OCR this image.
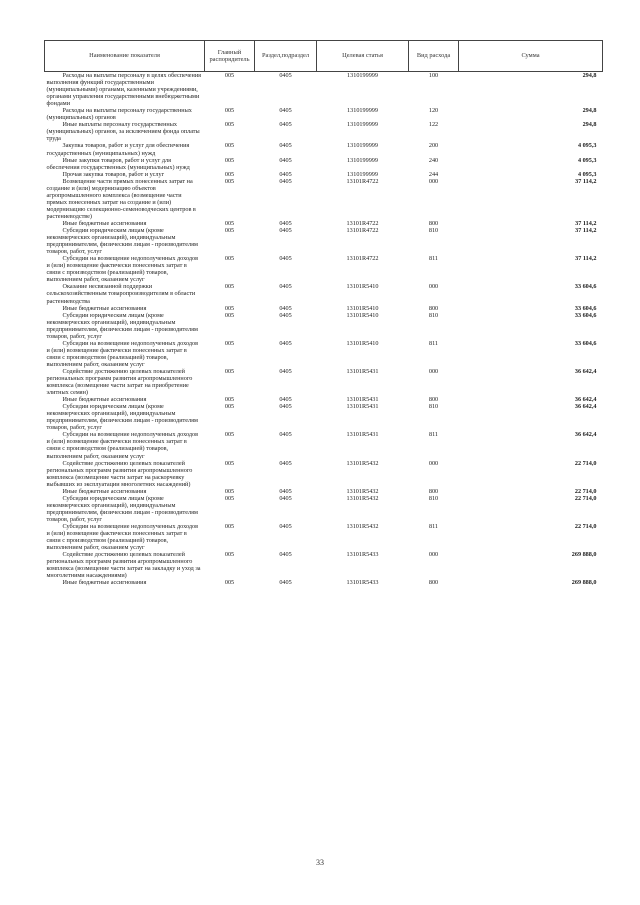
Наименование показателя	Главный распорядитель	Раздел,подраздел	Целевая статья	Вид расхода	Сумма

Расходы на выплаты персоналу в целях обеспечения выполнения функций государственными (муниципальными) органами, казенными учреждениями, органами управления государственными внебюджетными фондами	005	0405	1310199999	100	294,8

Расходы на выплаты персоналу государственных (муниципальных) органов	005	0405	1310199999	120	294,8

Иные выплаты персоналу государственных (муниципальных) органов, за исключением фонда оплаты труда	005	0405	1310199999	122	294,8

Закупка товаров, работ и услуг для обеспечения государственных (муниципальных) нужд	005	0405	1310199999	200	4 095,3

Иные закупки товаров, работ и услуг для обеспечения государственных (муниципальных) нужд	005	0405	1310199999	240	4 095,3

Прочая закупка товаров, работ и услуг	005	0405	1310199999	244	4 095,3

Возмещение части прямых понесенных затрат на создание и (или) модернизацию объектов агропромышленного комплекса (возмещение части прямых понесенных затрат на создание и (или) модернизацию селекционно-семеноводческих центров в растениеводстве)	005	0405	13101R4722	000	37 114,2

Иные бюджетные ассигнования	005	0405	13101R4722	800	37 114,2

Субсидии юридическим лицам (кроме некоммерческих организаций), индивидуальным предпринимателям, физическим лицам - производителям товаров, работ, услуг	005	0405	13101R4722	810	37 114,2

Субсидии на возмещение недополученных доходов и (или) возмещение фактически понесенных затрат в связи с производством (реализацией) товаров, выполнением работ, оказанием услуг	005	0405	13101R4722	811	37 114,2

Оказание несвязанной поддержки сельскохозяйственным товаропроизводителям в области растениеводства	005	0405	13101R5410	000	33 604,6

Иные бюджетные ассигнования	005	0405	13101R5410	800	33 604,6

Субсидии юридическим лицам (кроме некоммерческих организаций), индивидуальным предпринимателям, физическим лицам - производителям товаров, работ, услуг	005	0405	13101R5410	810	33 604,6

Субсидии на возмещение недополученных доходов и (или) возмещение фактически понесенных затрат в связи с производством (реализацией) товаров, выполнением работ, оказанием услуг	005	0405	13101R5410	811	33 604,6

Содействие достижению целевых показателей региональных программ развития агропромышленного комплекса (возмещение части затрат на приобретение элитных семян)	005	0405	13101R5431	000	36 642,4

Иные бюджетные ассигнования	005	0405	13101R5431	800	36 642,4

Субсидии юридическим лицам (кроме некоммерческих организаций), индивидуальным предпринимателям, физическим лицам - производителям товаров, работ, услуг	005	0405	13101R5431	810	36 642,4

Субсидии на возмещение недополученных доходов и (или) возмещение фактически понесенных затрат в связи с производством (реализацией) товаров, выполнением работ, оказанием услуг	005	0405	13101R5431	811	36 642,4

Содействие достижению целевых показателей региональных программ развития агропромышленного комплекса (возмещение части затрат на раскорчевку выбывших из эксплуатации многолетних насаждений)	005	0405	13101R5432	000	22 714,0

Иные бюджетные ассигнования	005	0405	13101R5432	800	22 714,0

Субсидии юридическим лицам (кроме некоммерческих организаций), индивидуальным предпринимателям, физическим лицам - производителям товаров, работ, услуг	005	0405	13101R5432	810	22 714,0

Субсидии на возмещение недополученных доходов и (или) возмещение фактически понесенных затрат в связи с производством (реализацией) товаров, выполнением работ, оказанием услуг	005	0405	13101R5432	811	22 714,0

Содействие достижению целевых показателей региональных программ развития агропромышленного комплекса (возмещение части затрат на закладку и уход за многолетними насаждениями)	005	0405	13101R5433	000	269 888,0

Иные бюджетные ассигнования	005	0405	13101R5433	800	269 888,0
33
